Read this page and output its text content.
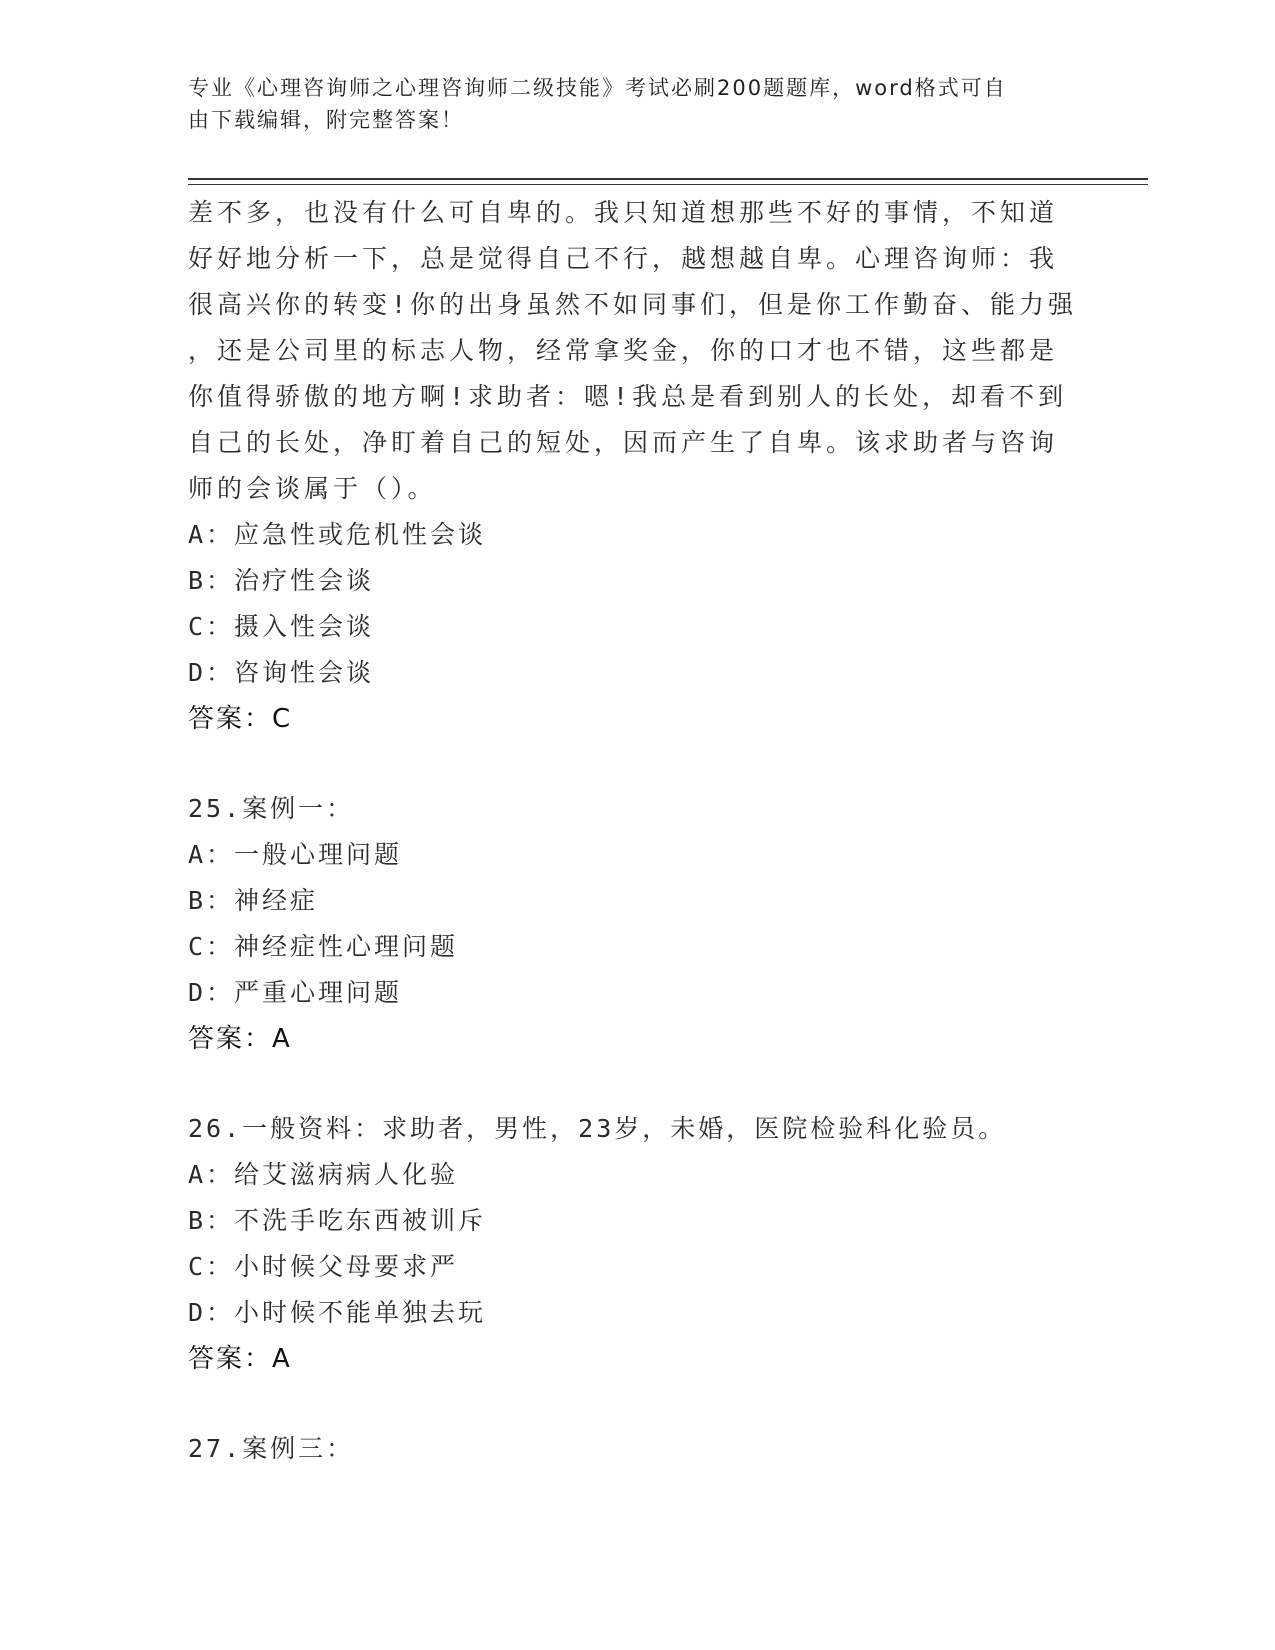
专业《心理咨询师之心理咨询师二级技能》考试必刷200题题库，word格式可自
由下载编辑，附完整答案！
差不多，也没有什么可自卑的。我只知道想那些不好的事情，不知道
好好地分析一下，总是觉得自己不行，越想越自卑。心理咨询师：我
很高兴你的转变!你的出身虽然不如同事们，但是你工作勤奋、能力强
，还是公司里的标志人物，经常拿奖金，你的口才也不错，这些都是
你值得骄傲的地方啊!求助者：嗯!我总是看到别人的长处，却看不到
自己的长处，净盯着自己的短处，因而产生了自卑。该求助者与咨询
师的会谈属于（）。
A：应急性或危机性会谈
B：治疗性会谈
C：摄入性会谈
D：咨询性会谈
答案：C
25.案例一：
A：一般心理问题
B：神经症
C：神经症性心理问题
D：严重心理问题
答案：A
26.一般资料：求助者，男性，23岁，未婚，医院检验科化验员。
A：给艾滋病病人化验
B：不洗手吃东西被训斥
C：小时候父母要求严
D：小时候不能单独去玩
答案：A
27.案例三：
